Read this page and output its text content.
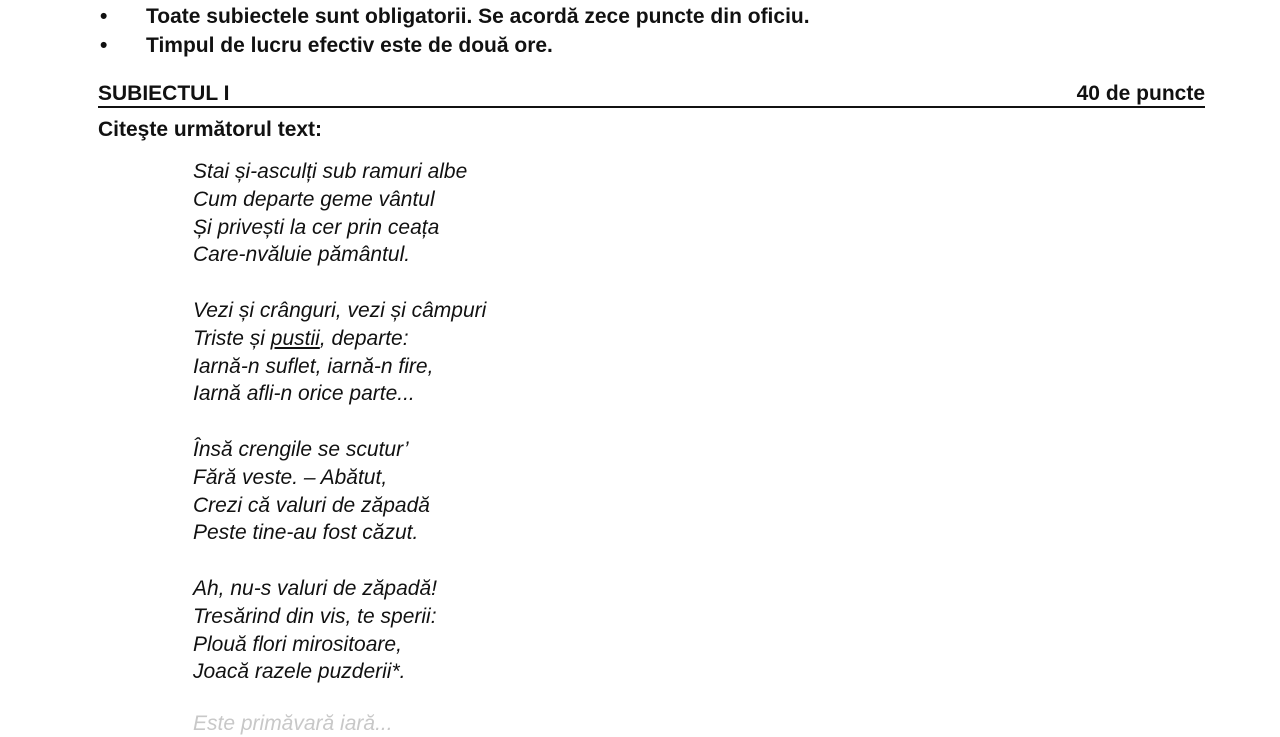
•	Toate subiectele sunt obligatorii. Se acordă zece puncte din oficiu.
•	Timpul de lucru efectiv este de două ore.
SUBIECTUL I	40 de puncte
Citeşte următorul text:
Stai și-asculți sub ramuri albe
Cum departe geme vântul
Și privești la cer prin ceața
Care-nvăluie pământul.
Vezi și crânguri, vezi și câmpuri
Triste și pustii, departe:
Iarnă-n suflet, iarnă-n fire,
Iarnă afli-n orice parte...
Însă crengile se scutur’
Fără veste. – Abătut,
Crezi că valuri de zăpadă
Peste tine-au fost căzut.
Ah, nu-s valuri de zăpadă!
Tresărind din vis, te sperii:
Plouă flori mirositoare,
Joacă razele puzderii*.
Este primăvară iară...
